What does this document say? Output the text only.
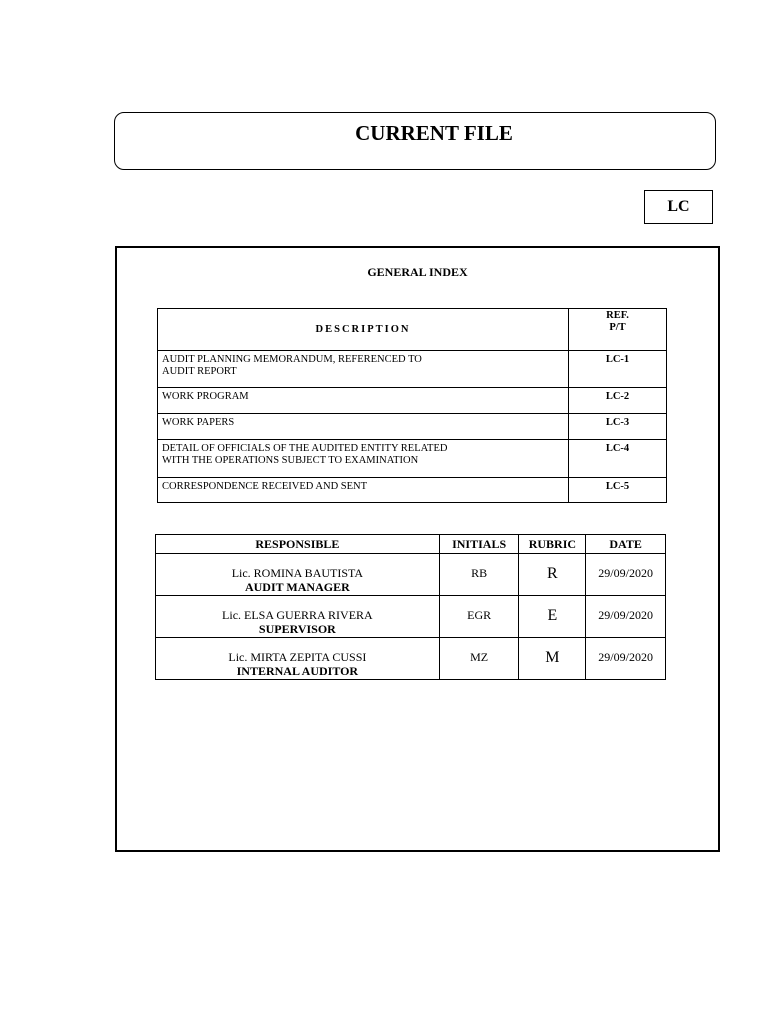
CURRENT FILE
LC
GENERAL INDEX
DESCRIPTION	REF.
P/T

AUDIT PLANNING MEMORANDUM, REFERENCED TO
AUDIT REPORT	LC-1

WORK PROGRAM	LC-2

WORK PAPERS	LC-3

DETAIL OF OFFICIALS OF THE AUDITED ENTITY RELATED
WITH THE OPERATIONS SUBJECT TO EXAMINATION	LC-4

CORRESPONDENCE RECEIVED AND SENT	LC-5
RESPONSIBLE	INITIALS	RUBRIC	DATE

Lic. ROMINA BAUTISTA
AUDIT MANAGER	RB	R	29/09/2020

Lic. ELSA GUERRA RIVERA
SUPERVISOR	EGR	E	29/09/2020

Lic. MIRTA ZEPITA CUSSI
INTERNAL AUDITOR	MZ	M	29/09/2020
